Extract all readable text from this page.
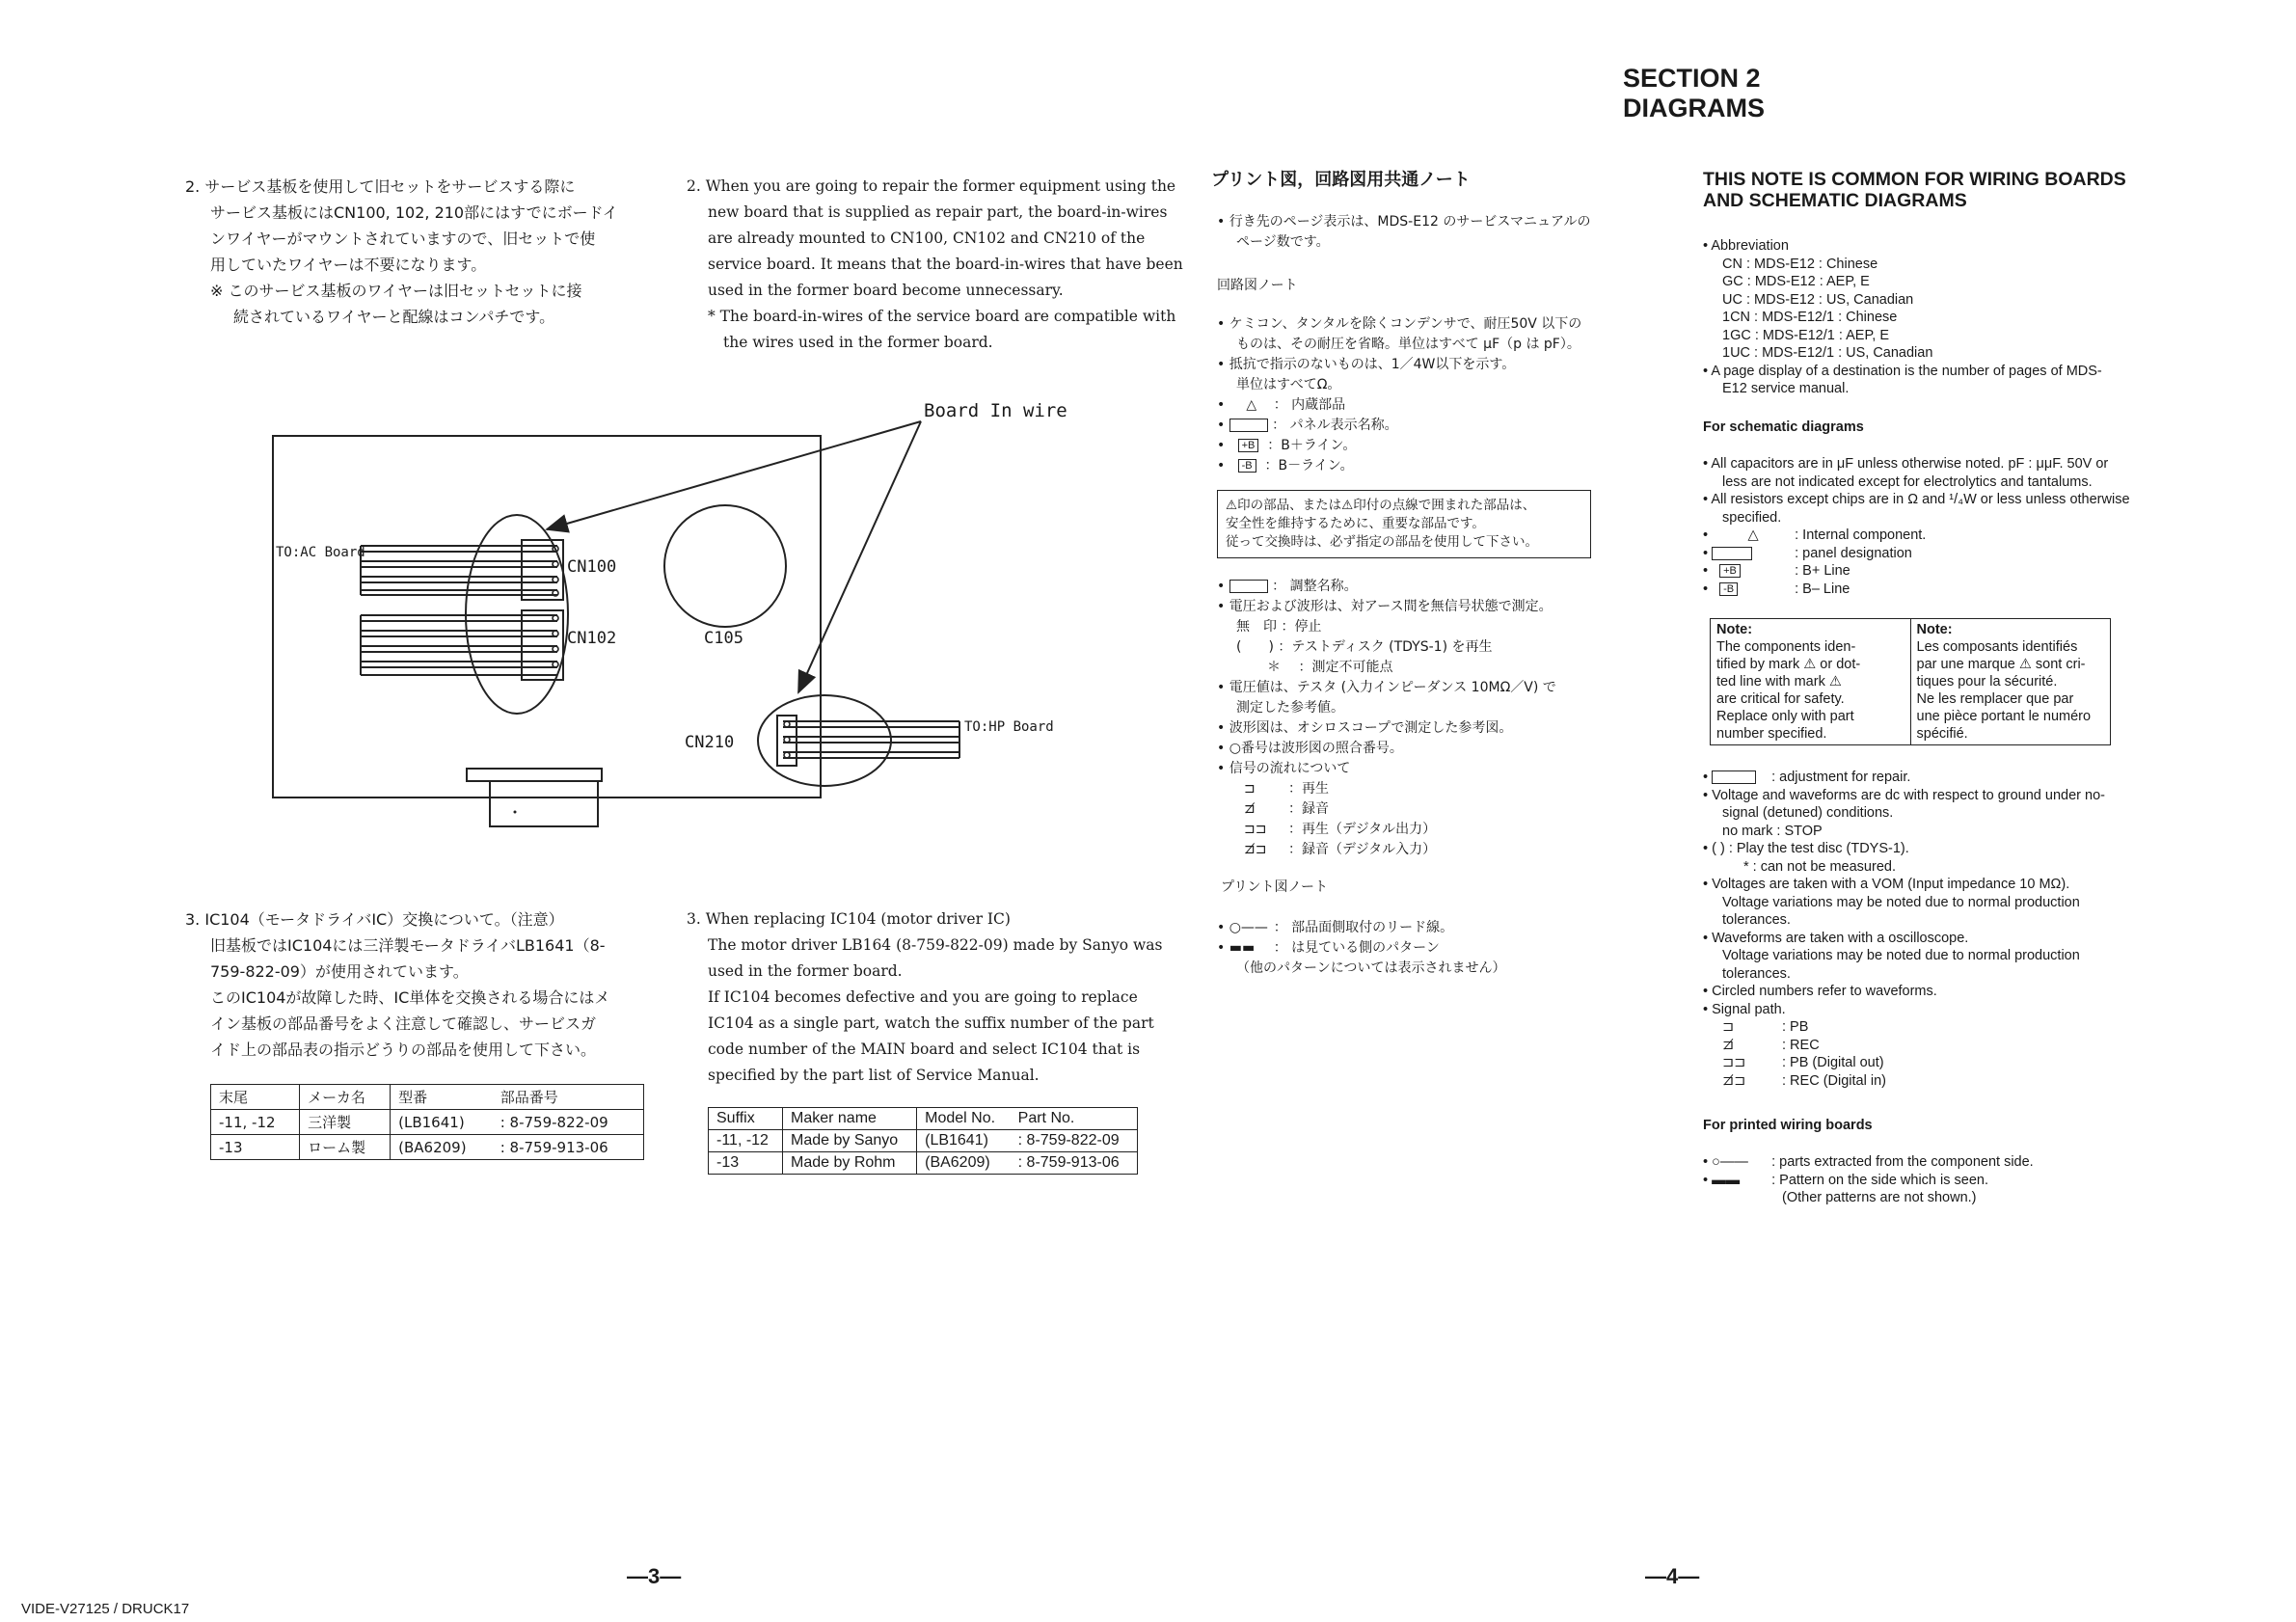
SECTION 2
DIAGRAMS
2. サービス基板を使用して旧セットをサービスする際に
サービス基板にはCN100, 102, 210部にはすでにボードイ
ンワイヤーがマウントされていますので、旧セットで使
用していたワイヤーは不要になります。
※ このサービス基板のワイヤーは旧セットセットに接
続されているワイヤーと配線はコンパチです。
2. When you are going to repair the former equipment using the
new board that is supplied as repair part, the board-in-wires
are already mounted to CN100, CN102 and CN210 of the
service board. It means that the board-in-wires that have been
used in the former board become unnecessary.
* The board-in-wires of the service board are compatible with
the wires used in the former board.
Board In wire
TO:AC Board
CN100
CN102	C105
CN210
TO:HP Board
3. IC104（モータドライバIC）交換について。（注意）
旧基板ではIC104には三洋製モータドライバLB1641（8-
759-822-09）が使用されています。
このIC104が故障した時、IC単体を交換される場合にはメ
イン基板の部品番号をよく注意して確認し、サービスガ
イド上の部品表の指示どうりの部品を使用して下さい。
3. When replacing IC104 (motor driver IC)
The motor driver LB164 (8-759-822-09) made by Sanyo was
used in the former board.
If IC104 becomes defective and you are going to replace
IC104 as a single part, watch the suffix number of the part
code number of the MAIN board and select IC104 that is
specified by the part list of Service Manual.
末尾	メーカ名	型番	部品番号
-11, -12	三洋製	(LB1641)	: 8-759-822-09
-13	ローム製	(BA6209)	: 8-759-913-06
Suffix	Maker name	Model No.	Part No.
-11, -12	Made by Sanyo	(LB1641)	: 8-759-822-09
-13	Made by Rohm	(BA6209)	: 8-759-913-06
—3—
VIDE-V27125 / DRUCK17
プリント図，回路図用共通ノート
• 行き先のページ表示は、MDS-E12 のサービスマニュアルの
ページ数です。
回路図ノート
• ケミコン、タンタルを除くコンデンサで、耐圧50V 以下の
ものは、その耐圧を省略。単位はすべて μF（p は pF）。
• 抵抗で指示のないものは、1／4W以下を示す。
単位はすべてΩ。
• △ ： 内蔵部品
•	： パネル表示名称。
•   +B ：B＋ライン。
•   -B ：B－ライン。
⚠印の部品、または⚠印付の点線で囲まれた部品は、
安全性を維持するために、重要な部品です。
従って交換時は、必ず指定の部品を使用して下さい。
•	： 調整名称。
• 電圧および波形は、対アース間を無信号状態で測定。
無　印 ：停止
(　　) ：テストディスク (TDYS-1) を再生
＊　 ：測定不可能点
• 電圧値は、テスタ (入力インピーダンス 10MΩ／V) で
測定した参考値。
• 波形図は、オシロスコープで測定した参考図。
• ○番号は波形図の照合番号。
• 信号の流れについて
⊐ ：再生
⊐̸ ：録音
⊐⊐ ：再生（デジタル出力）
⊐̸⊐ ：録音（デジタル入力）
プリント図ノート
• ○—— ： 部品面側取付のリード線。
• ▬▬ ： は見ている側のパターン
（他のパターンについては表示されません）
THIS NOTE IS COMMON FOR WIRING BOARDS
AND SCHEMATIC DIAGRAMS
• Abbreviation
CN : MDS-E12 : Chinese
GC : MDS-E12 : AEP, E
UC : MDS-E12 : US, Canadian
1CN : MDS-E12/1 : Chinese
1GC : MDS-E12/1 : AEP, E
1UC : MDS-E12/1 : US, Canadian
• A page display of a destination is the number of pages of MDS-
E12 service manual.
For schematic diagrams
• All capacitors are in μF unless otherwise noted. pF : μμF. 50V or
less are not indicated except for electrolytics and tantalums.
• All resistors except chips are in Ω and ¹/₄W or less unless otherwise
specified.
•	△	: Internal component.
•	: panel designation
• +B	: B+ Line
• -B	: B– Line
Note:
The components iden-
tified by mark ⚠ or dot-
ted line with mark ⚠
are critical for safety.
Replace only with part
number specified.

Note:
Les composants identifiés
par une marque ⚠ sont cri-
tiques pour la sécurité.
Ne les remplacer que par
une pièce portant le numéro
spécifié.
•	: adjustment for repair.
• Voltage and waveforms are dc with respect to ground under no-
signal (detuned) conditions.
no mark : STOP
• ( ) : Play the test disc (TDYS-1).
* : can not be measured.
• Voltages are taken with a VOM (Input impedance 10 MΩ).
Voltage variations may be noted due to normal production
tolerances.
• Waveforms are taken with a oscilloscope.
Voltage variations may be noted due to normal production
tolerances.
• Circled numbers refer to waveforms.
• Signal path.
⊐	: PB
⊐̸	: REC
⊐⊐	: PB (Digital out)
⊐̸⊐	: REC (Digital in)
For printed wiring boards
• ○—— : parts extracted from the component side.
• ▬▬ : Pattern on the side which is seen.
(Other patterns are not shown.)
—4—
